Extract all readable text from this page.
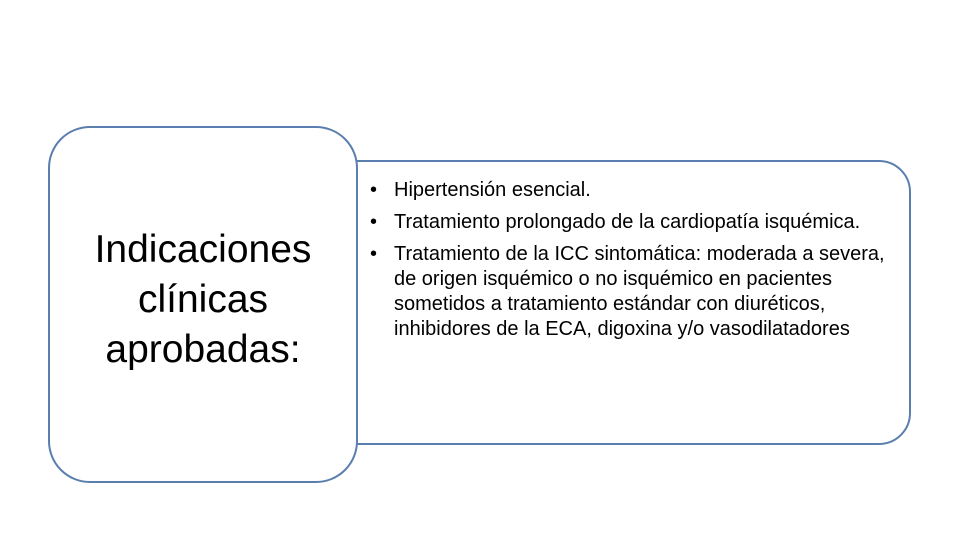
• Hipertensión esencial.
• Tratamiento prolongado de la cardiopatía isquémica.
• Tratamiento de la ICC sintomática: moderada a severa, de origen isquémico o no isquémico en pacientes sometidos a tratamiento estándar con diuréticos, inhibidores de la ECA, digoxina y/o vasodilatadores
Indicaciones
clínicas
aprobadas:
